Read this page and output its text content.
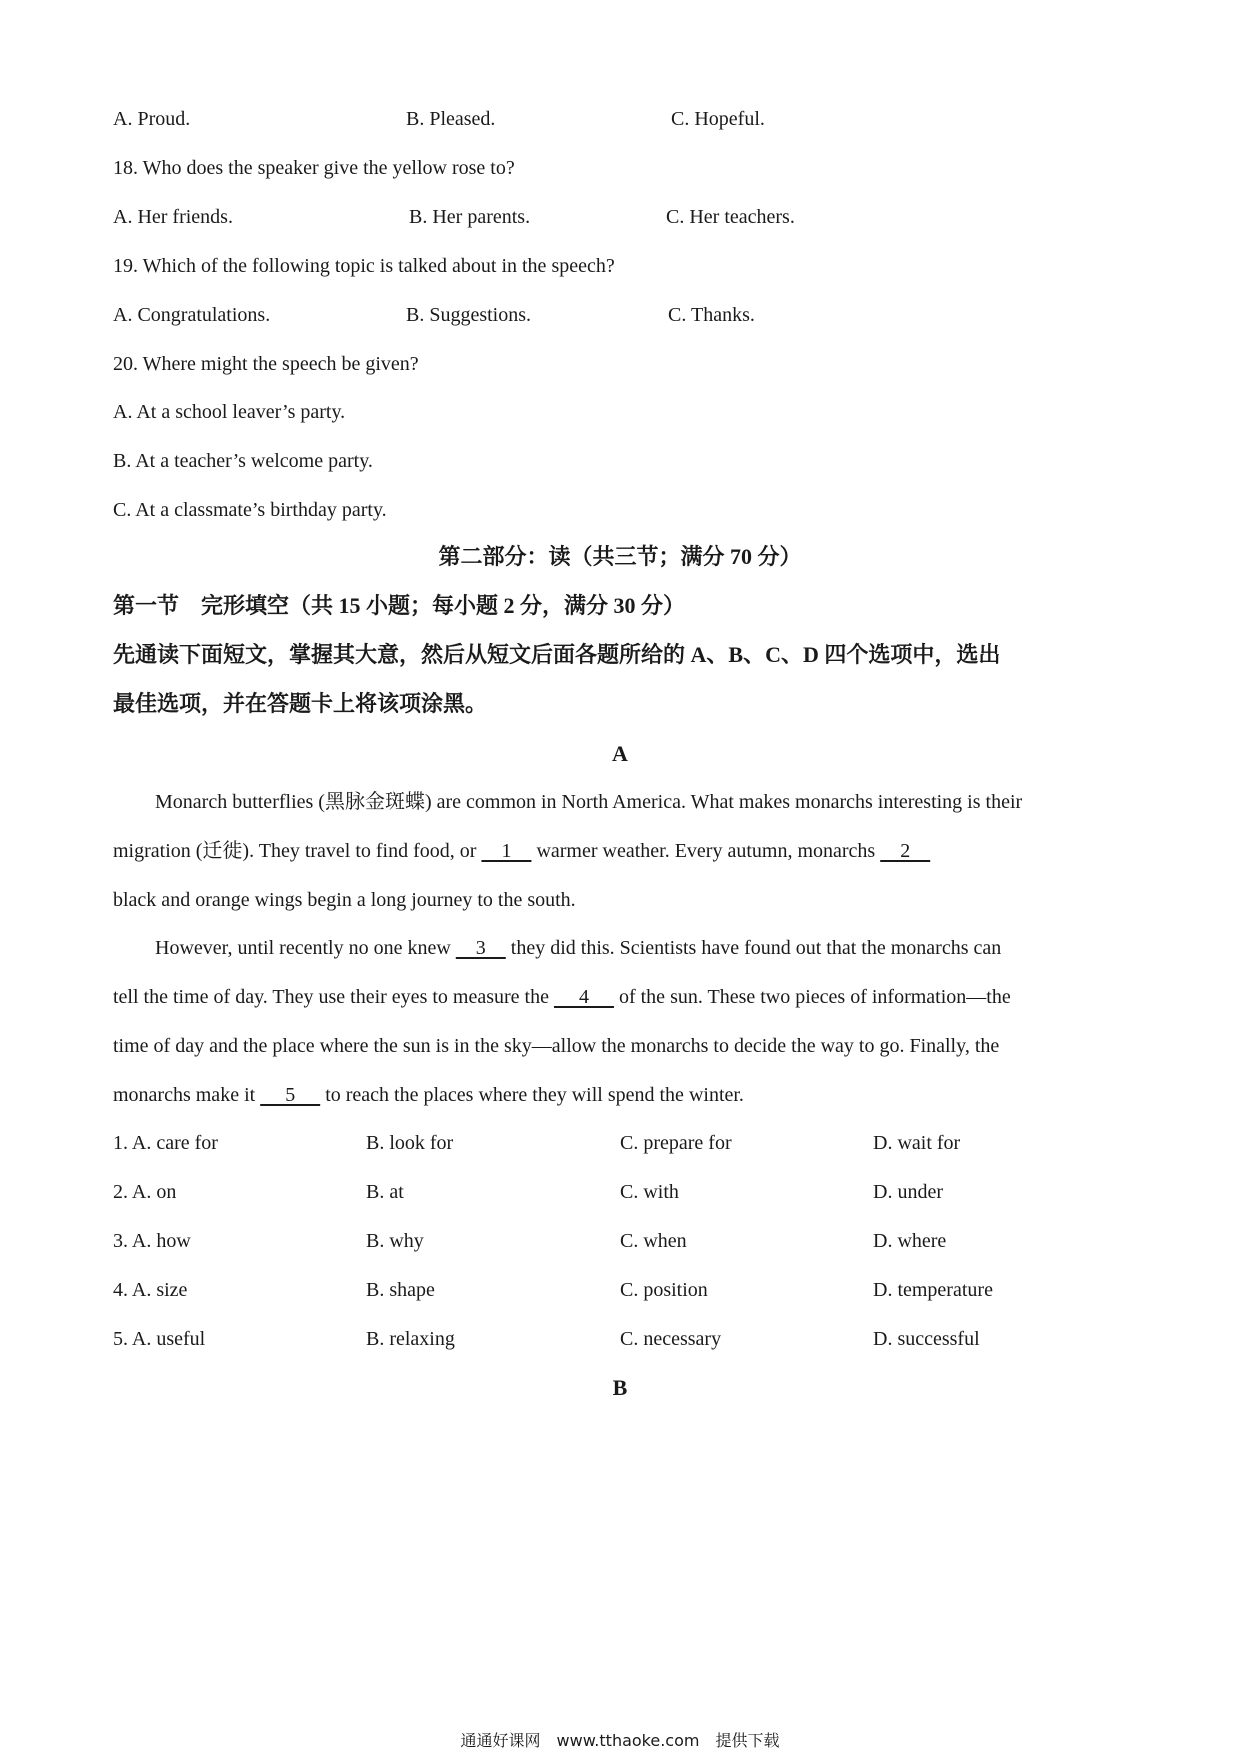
A. Proud.	B. Pleased.	C. Hopeful.
18. Who does the speaker give the yellow rose to?
A. Her friends.	B. Her parents.	C. Her teachers.
19. Which of the following topic is talked about in the speech?
A. Congratulations.	B. Suggestions.	C. Thanks.
20. Where might the speech be given?
A. At a school leaver’s party.
B. At a teacher’s welcome party.
C. At a classmate’s birthday party.
第二部分：读（共三节；满分 70 分）
第一节　完形填空（共 15 小题；每小题 2 分，满分 30 分）
先通读下面短文，掌握其大意，然后从短文后面各题所给的 A、B、C、D 四个选项中，选出
最佳选项，并在答题卡上将该项涂黑。
A
Monarch butterflies (黑脉金斑蝶) are common in North America. What makes monarchs interesting is their
migration (迁徙). They travel to find food, or     1     warmer weather. Every autumn, monarchs     2
black and orange wings begin a long journey to the south.
However, until recently no one knew     3     they did this. Scientists have found out that the monarchs can
tell the time of day. They use their eyes to measure the      4      of the sun. These two pieces of information—the
time of day and the place where the sun is in the sky—allow the monarchs to decide the way to go. Finally, the
monarchs make it      5      to reach the places where they will spend the winter.
1. A. care for	B. look for	C. prepare for	D. wait for
2. A. on	B. at	C. with	D. under
3. A. how	B. why	C. when	D. where
4. A. size	B. shape	C. position	D. temperature
5. A. useful	B. relaxing	C. necessary	D. successful
B
通通好课网　www.tthaoke.com　提供下载
